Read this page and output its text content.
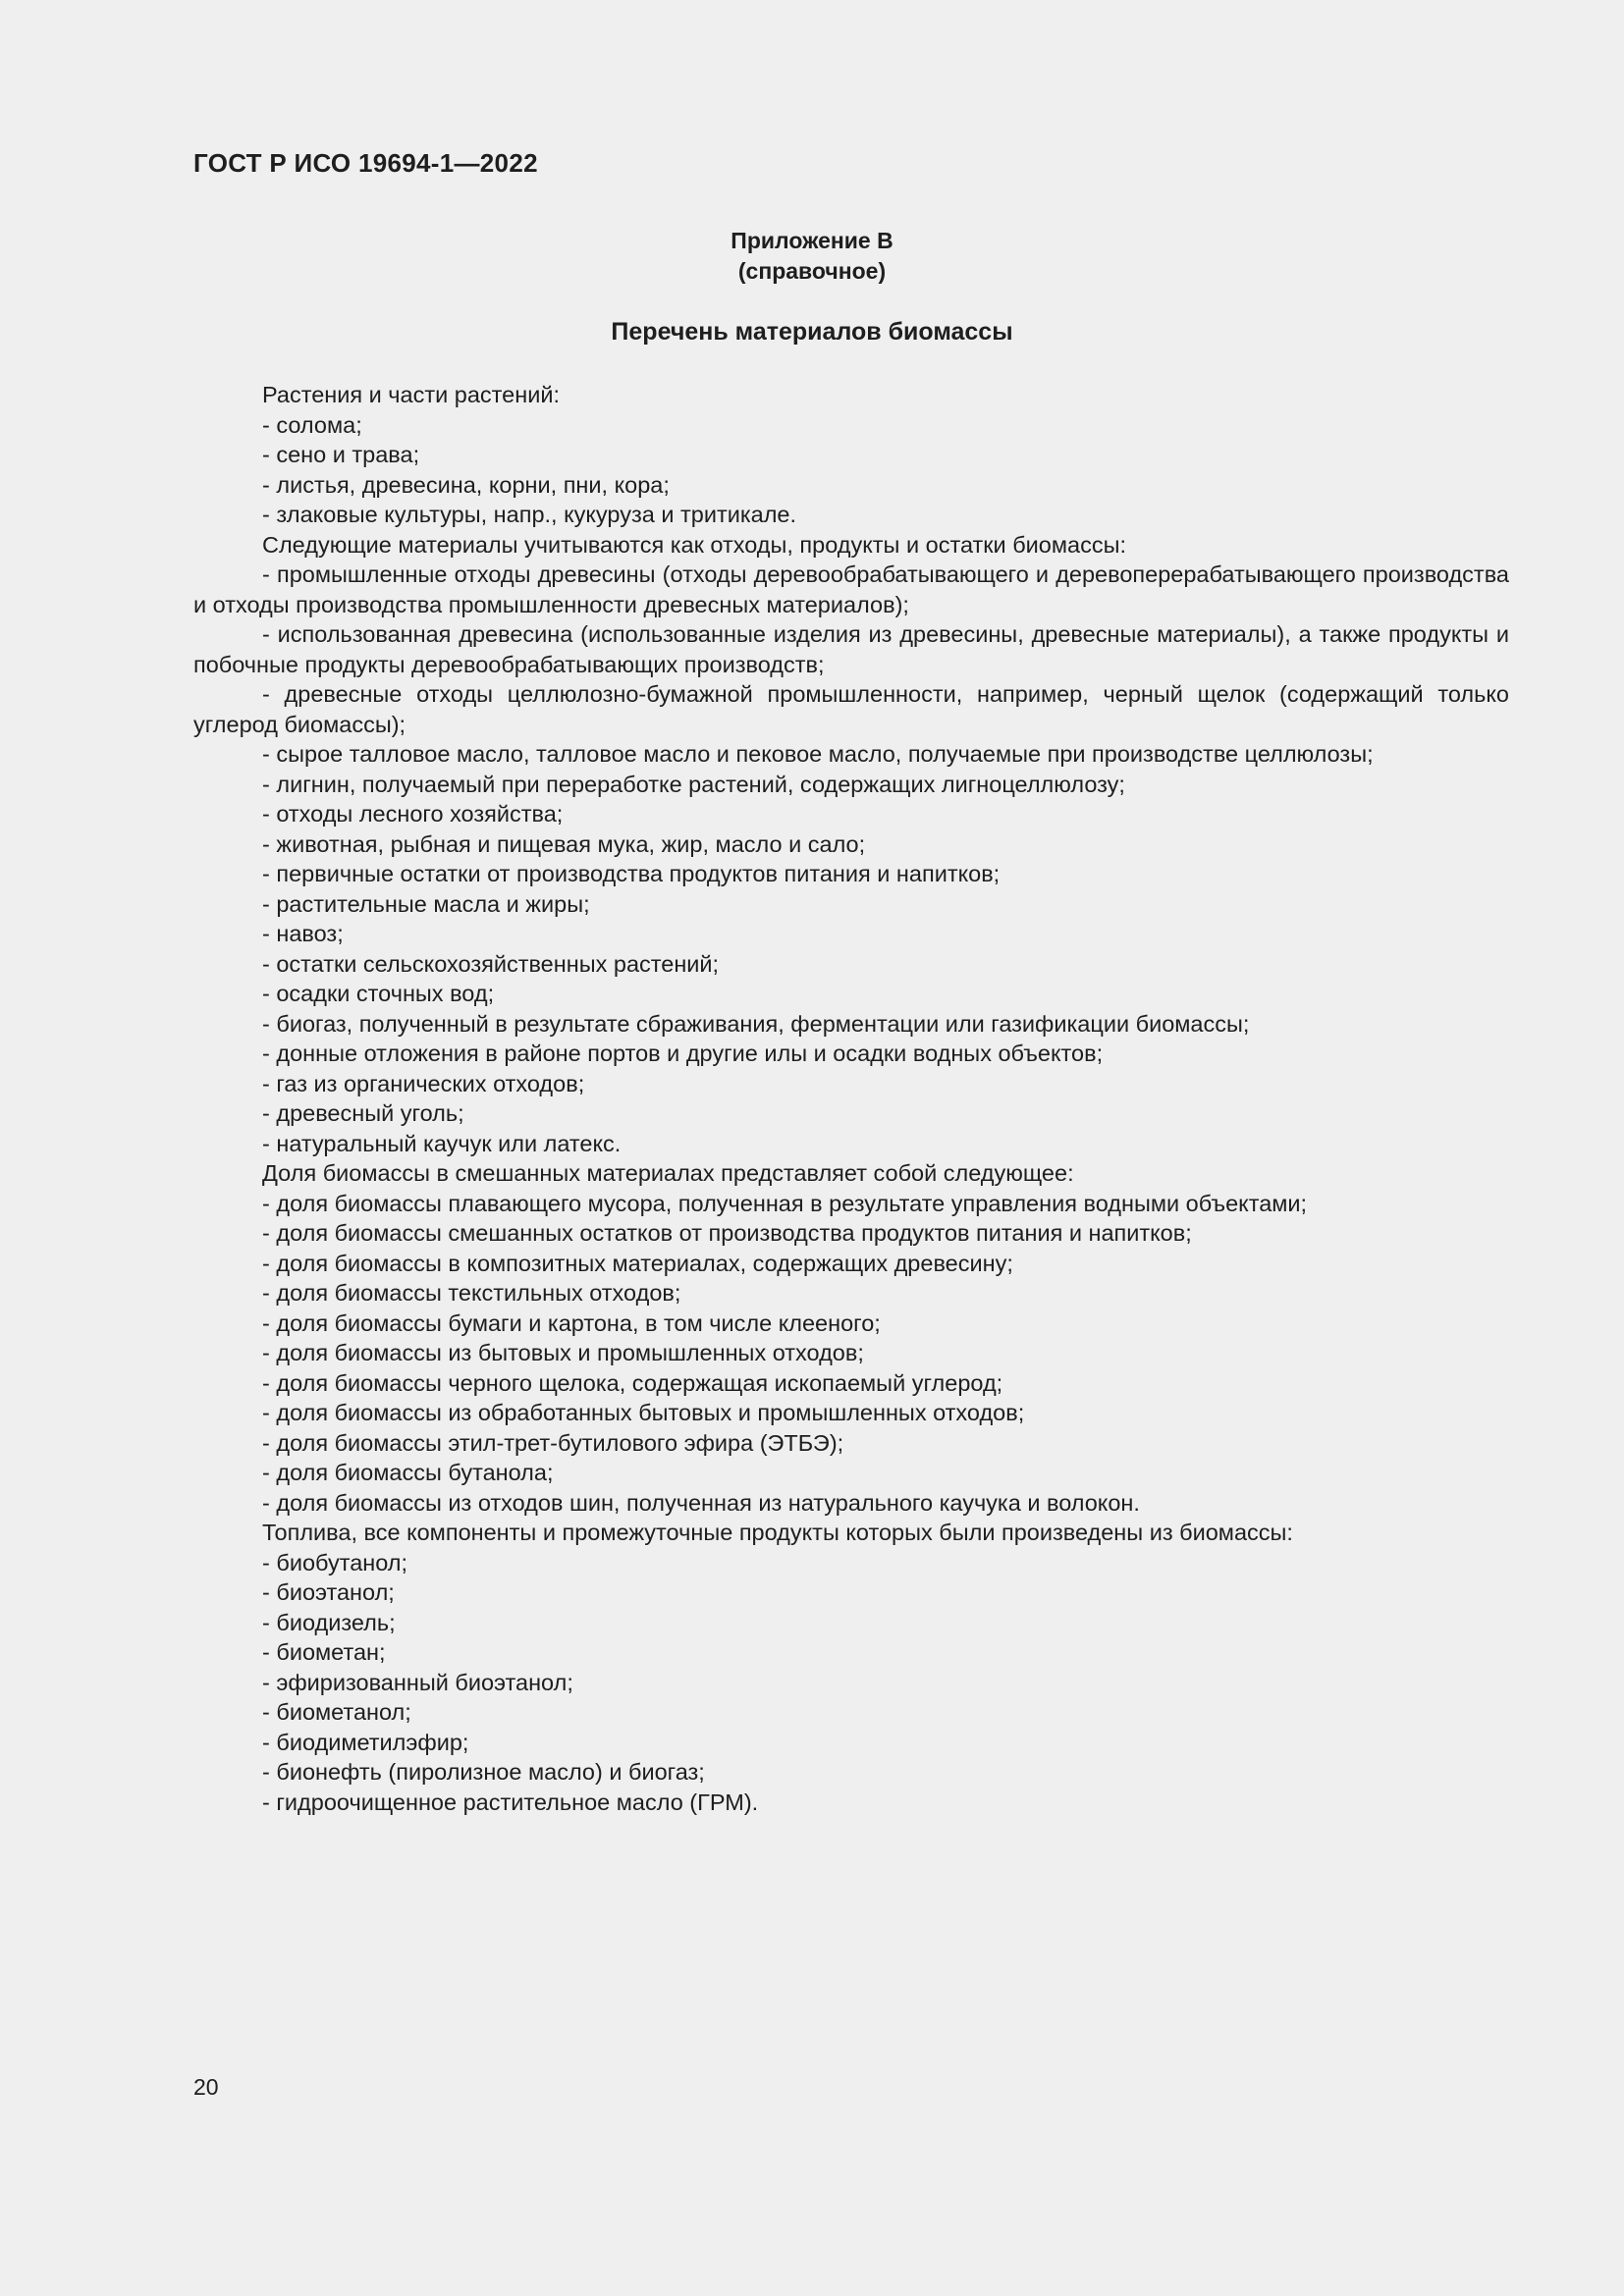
ГОСТ Р ИСО 19694-1—2022
Приложение В
(справочное)
Перечень материалов биомассы

Растения и части растений:

- солома;

- сено и трава;

- листья, древесина, корни, пни, кора;

- злаковые культуры, напр., кукуруза и тритикале.

Следующие материалы учитываются как отходы, продукты и остатки биомассы:

- промышленные отходы древесины (отходы деревообрабатывающего и деревоперерабатывающего производства и отходы производства промышленности древесных материалов);

- использованная древесина (использованные изделия из древесины, древесные материалы), а также продукты и побочные продукты деревообрабатывающих производств;

- древесные отходы целлюлозно-бумажной промышленности, например, черный щелок (содержащий только углерод биомассы);

- сырое талловое масло, талловое масло и пековое масло, получаемые при производстве целлюлозы;

- лигнин, получаемый при переработке растений, содержащих лигноцеллюлозу;

- отходы лесного хозяйства;

- животная, рыбная и пищевая мука, жир, масло и сало;

- первичные остатки от производства продуктов питания и напитков;

- растительные масла и жиры;

- навоз;

- остатки сельскохозяйственных растений;

- осадки сточных вод;

- биогаз, полученный в результате сбраживания, ферментации или газификации биомассы;

- донные отложения в районе портов и другие илы и осадки водных объектов;

- газ из органических отходов;

- древесный уголь;

- натуральный каучук или латекс.

Доля биомассы в смешанных материалах представляет собой следующее:

- доля биомассы плавающего мусора, полученная в результате управления водными объектами;

- доля биомассы смешанных остатков от производства продуктов питания и напитков;

- доля биомассы в композитных материалах, содержащих древесину;

- доля биомассы текстильных отходов;

- доля биомассы бумаги и картона, в том числе клееного;

- доля биомассы из бытовых и промышленных отходов;

- доля биомассы черного щелока, содержащая ископаемый углерод;

- доля биомассы из обработанных бытовых и промышленных отходов;

- доля биомассы этил-трет-бутилового эфира (ЭТБЭ);

- доля биомассы бутанола;

- доля биомассы из отходов шин, полученная из натурального каучука и волокон.

Топлива, все компоненты и промежуточные продукты которых были произведены из биомассы:

- биобутанол;

- биоэтанол;

- биодизель;

- биометан;

- эфиризованный биоэтанол;

- биометанол;

- биодиметилэфир;

- бионефть (пиролизное масло) и биогаз;

- гидроочищенное растительное масло (ГРМ).

20
